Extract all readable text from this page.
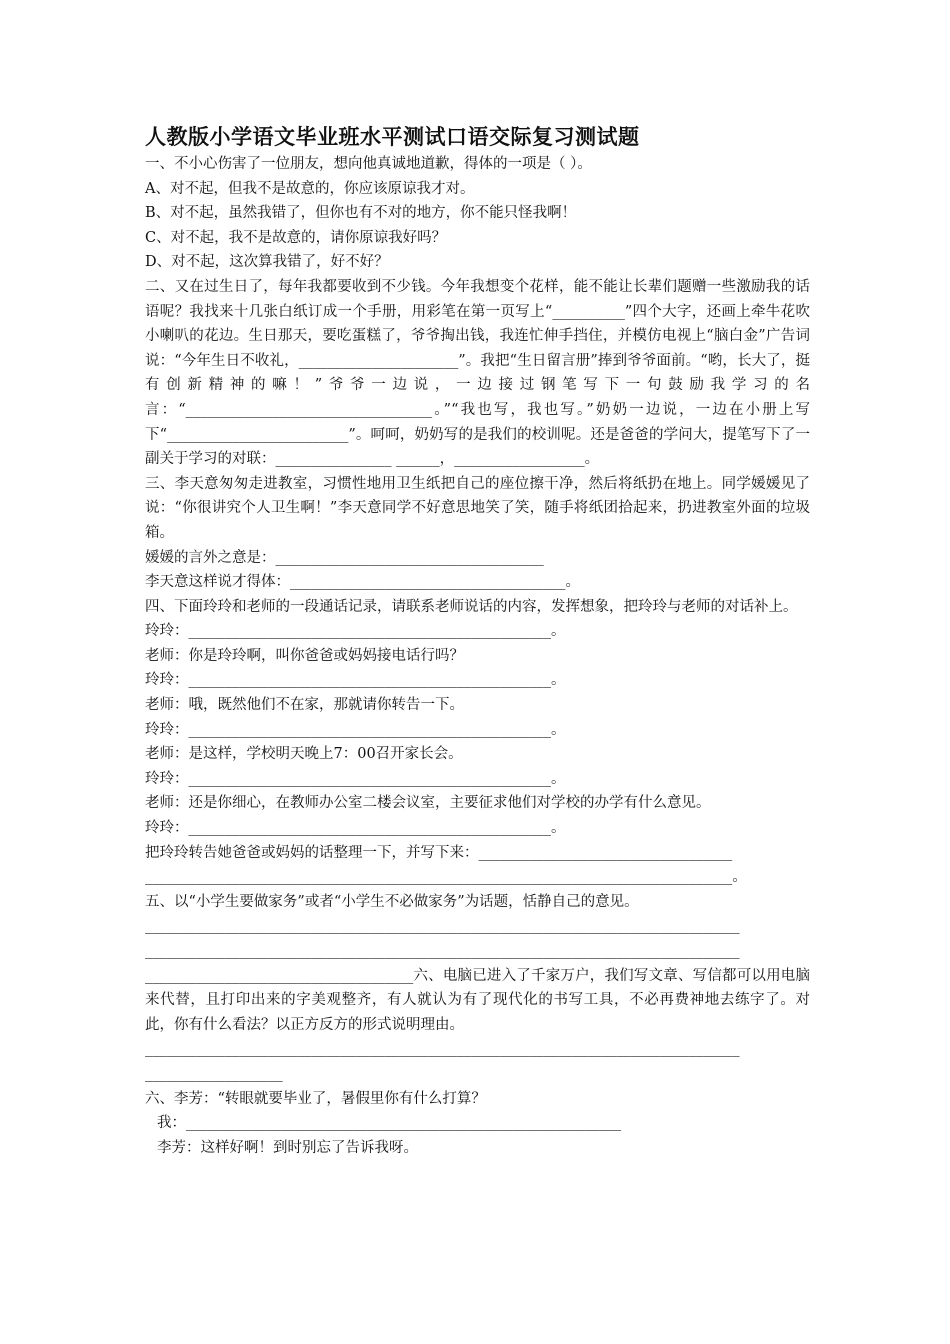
人教版小学语文毕业班水平测试口语交际复习测试题

一、不小心伤害了一位朋友，想向他真诚地道歉，得体的一项是（ ）。

A、对不起，但我不是故意的，你应该原谅我才对。

B、对不起，虽然我错了，但你也有不对的地方，你不能只怪我啊！

C、对不起，我不是故意的，请你原谅我好吗？

D、对不起，这次算我错了，好不好？

二、又在过生日了，每年我都要收到不少钱。今年我想变个花样，能不能让长辈们题赠一些激励我的话语呢？我找来十几张白纸订成一个手册，用彩笔在第一页写上“__________”四个大字，还画上牵牛花吹小喇叭的花边。生日那天，要吃蛋糕了，爷爷掏出钱，我连忙伸手挡住，并模仿电视上“脑白金”广告词说：“今年生日不收礼，______________________”。我把“生日留言册”捧到爷爷面前。“哟，长大了，挺有创新精神的嘛！”爷爷一边说，一边接过钢笔写下一句鼓励我学习的名言：“__________________________________。”“我也写，我也写。”奶奶一边说，一边在小册上写下“_________________________”。呵呵，奶奶写的是我们的校训呢。还是爸爸的学问大，提笔写下了一副关于学习的对联：________________ ______，__________________。

三、李天意匆匆走进教室，习惯性地用卫生纸把自己的座位擦干净，然后将纸扔在地上。同学媛媛见了说：“你很讲究个人卫生啊！”李天意同学不好意思地笑了笑，随手将纸团拾起来，扔进教室外面的垃圾箱。

媛媛的言外之意是：_____________________________________

李天意这样说才得体：______________________________________。

四、下面玲玲和老师的一段通话记录，请联系老师说话的内容，发挥想象，把玲玲与老师的对话补上。

玲玲：__________________________________________________。

老师：你是玲玲啊，叫你爸爸或妈妈接电话行吗？

玲玲：__________________________________________________。

老师：哦，既然他们不在家，那就请你转告一下。

玲玲：__________________________________________________。

老师：是这样，学校明天晚上7：00召开家长会。

玲玲：__________________________________________________。

老师：还是你细心，在教师办公室二楼会议室，主要征求他们对学校的办学有什么意见。

玲玲：__________________________________________________。

把玲玲转告她爸爸或妈妈的话整理一下，并写下来：___________________________________

_________________________________________________________________________________。

五、以“小学生要做家务”或者“小学生不必做家务”为话题，恬静自己的意见。

__________________________________________________________________________________

__________________________________________________________________________________

_____________________________________六、电脑已进入了千家万户，我们写文章、写信都可以用电脑来代替，且打印出来的字美观整齐，有人就认为有了现代化的书写工具，不必再费神地去练字了。对此，你有什么看法？以正方反方的形式说明理由。

__________________________________________________________________________________

___________________

六、李芳：“转眼就要毕业了，暑假里你有什么打算？

我：____________________________________________________________

李芳：这样好啊！到时别忘了告诉我呀。
